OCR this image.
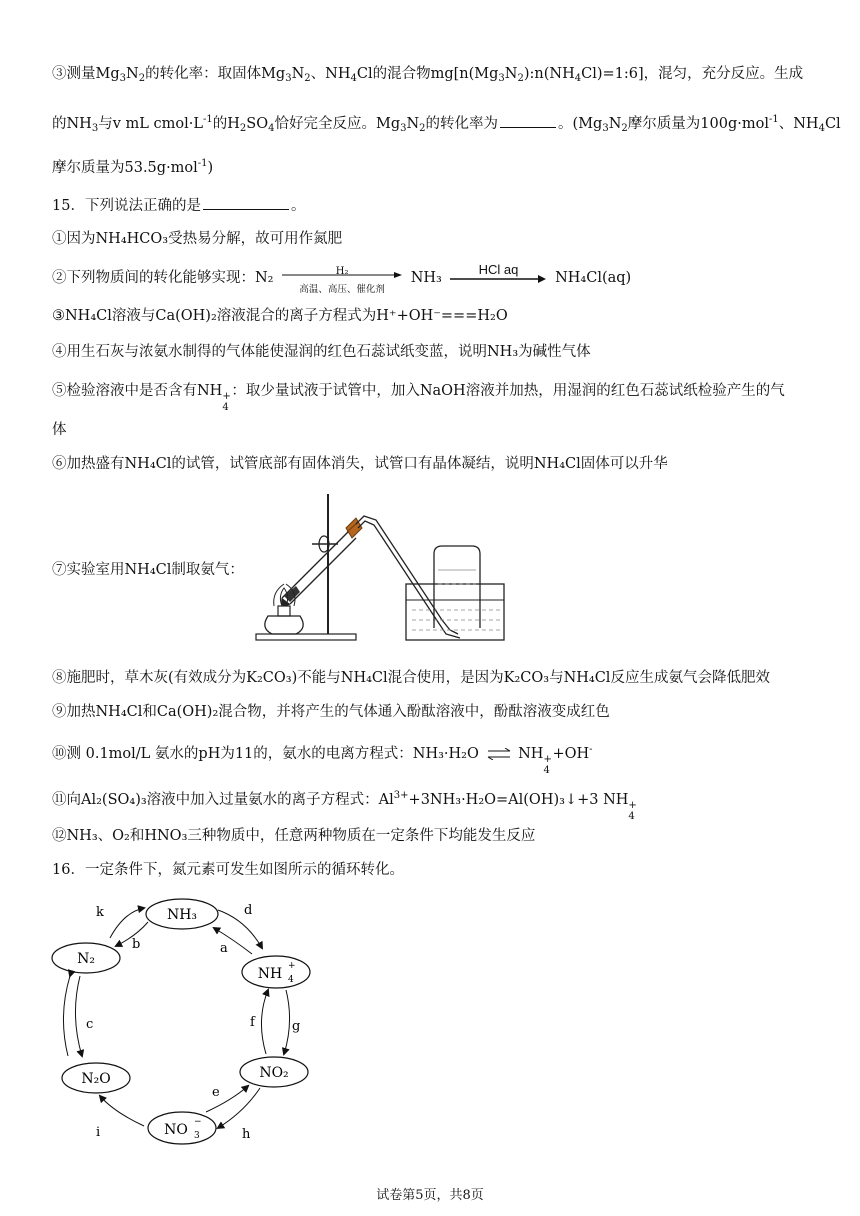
③测量$Mg_3N_2$的转化率：取固体$Mg_3N_2$、$NH_4Cl$的混合物$mg[n(Mg_3N_2):n(NH_4Cl)=1:6]$，混匀，充分反应。生成
的$NH_3$与v mL $cmol\cdot L^{-1}$的$H_2SO_4$恰好完全反应。$Mg_3N_2$的转化率为	。($Mg_3N_2$摩尔质量为100g·mol$^{-1}$、$NH_4Cl$
摩尔质量为53.5g·mol$^{-1}$)
15．下列说法正确的是	。
①因为NH₄HCO₃受热易分解，故可用作氮肥
②下列物质间的转化能够实现：N₂	H₂
高温、高压、催化剂
NH₃
HCl aq
NH₄Cl(aq)
③NH₄Cl溶液与Ca(OH)₂溶液混合的离子方程式为H⁺+OH⁻===H₂O
④用生石灰与浓氨水制得的气体能使湿润的红色石蕊试纸变蓝，说明NH₃为碱性气体
⑤检验溶液中是否含有NH +
4
：取少量试液于试管中，加入NaOH溶液并加热，用湿润的红色石蕊试纸检验产生的气
体
⑥加热盛有NH₄Cl的试管，试管底部有固体消失，试管口有晶体凝结，说明NH₄Cl固体可以升华
⑦实验室用NH₄Cl制取氨气：
⑧施肥时，草木灰(有效成分为K₂CO₃)不能与NH₄Cl混合使用，是因为K₂CO₃与NH₄Cl反应生成氨气会降低肥效
⑨加热NH₄Cl和Ca(OH)₂混合物，并将产生的气体通入酚酞溶液中，酚酞溶液变成红色
⑩测 0.1mol/L 氨水的pH为11的，氨水的电离方程式：NH₃·H₂O ⇌ NH +
4
+OH-
⑪向Al₂(SO₄)₃溶液中加入过量氨水的离子方程式：$Al^{3+}+3NH_3\cdot H_2O=Al(OH)_3↓+3$ NH +
4
⑫NH₃、O₂和HNO₃三种物质中，任意两种物质在一定条件下均能发生反应
16．一定条件下，氮元素可发生如图所示的循环转化。
NH₃
N₂
NH 4
+
NO₂
N₂O
NO 3
−
k
b
d
a
c	f	g
e
h
i
试卷第5页，共8页
